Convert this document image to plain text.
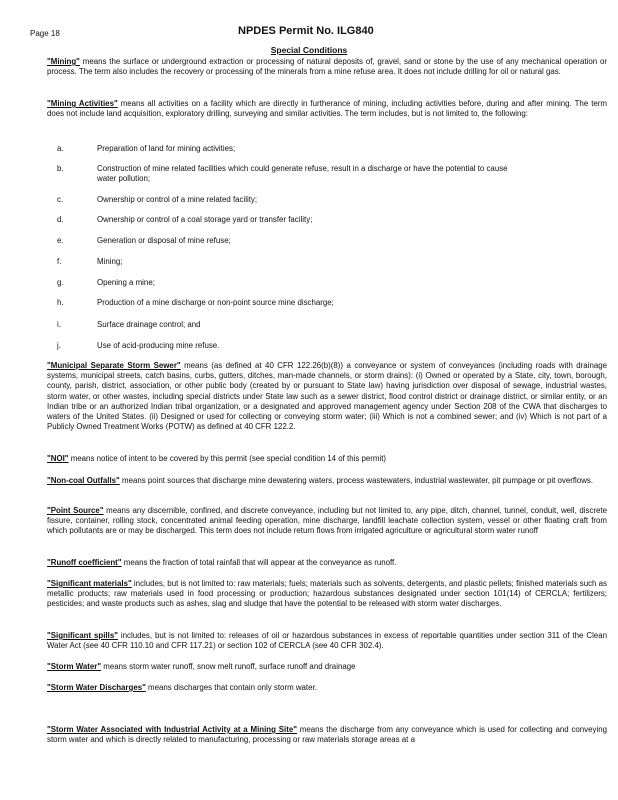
Page 18	NPDES Permit No. ILG840
Special Conditions

"Mining" means the surface or underground extraction or processing of natural deposits of, gravel, sand or stone by the use of any mechanical operation or process. The term also includes the recovery or processing of the minerals from a mine refuse area. It does not include drilling for oil or natural gas.

"Mining Activities" means all activities on a facility which are directly in furtherance of mining, including activities before, during and after mining. The term does not include land acquisition, exploratory drilling, surveying and similar activities. The term includes, but is not limited to, the following:

a.	Preparation of land for mining activities;
b.	Construction of mine related facilities which could generate refuse, result in a discharge or have the potential to cause water pollution;
c.	Ownership or control of a mine related facility;
d.	Ownership or control of a coal storage yard or transfer facility;
e.	Generation or disposal of mine refuse;
f.	Mining;
g.	Opening a mine;
h.	Production of a mine discharge or non-point source mine discharge;
i.	Surface drainage control; and
j.	Use of acid-producing mine refuse.

"Municipal Separate Storm Sewer" means (as defined at 40 CFR 122.26(b)(8)) a conveyance or system of conveyances (including roads with drainage systems, municipal streets, catch basins, curbs, gutters, ditches, man-made channels, or storm drains): (i) Owned or operated by a State, city, town, borough, county, parish, district, association, or other public body (created by or pursuant to State law) having jurisdiction over disposal of sewage, industrial wastes, storm water, or other wastes, including special districts under State law such as a sewer district, flood control district or drainage district, or similar entity, or an Indian tribe or an authorized Indian tribal organization, or a designated and approved management agency under Section 208 of the CWA that discharges to waters of the United States. (ii) Designed or used for collecting or conveying storm water; (iii) Which is not a combined sewer; and (iv) Which is not part of a Publicly Owned Treatment Works (POTW) as defined at 40 CFR 122.2.

"NOI" means notice of intent to be covered by this permit (see special condition 14 of this permit)

"Non-coal Outfalls" means point sources that discharge mine dewatering waters, process wastewaters, industrial wastewater, pit pumpage or pit overflows.

"Point Source" means any discernible, confined, and discrete conveyance, including but not limited to, any pipe, ditch, channel, tunnel, conduit, well, discrete fissure, container, rolling stock, concentrated animal feeding operation, mine discharge, landfill leachate collection system, vessel or other floating craft from which pollutants are or may be discharged. This term does not include return flows from irrigated agriculture or agricultural storm water runoff

"Runoff coefficient" means the fraction of total rainfall that will appear at the conveyance as runoff.

"Significant materials" includes, but is not limited to: raw materials; fuels; materials such as solvents, detergents, and plastic pellets; finished materials such as metallic products; raw materials used in food processing or production; hazardous substances designated under section 101(14) of CERCLA; fertilizers; pesticides; and waste products such as ashes, slag and sludge that have the potential to be released with storm water discharges.

"Significant spills" includes, but is not limited to: releases of oil or hazardous substances in excess of reportable quantities under section 311 of the Clean Water Act (see 40 CFR 110.10 and CFR 117.21) or section 102 of CERCLA (see 40 CFR 302.4).

"Storm Water" means storm water runoff, snow melt runoff, surface runoff and drainage

"Storm Water Discharges" means discharges that contain only storm water.

"Storm Water Associated with Industrial Activity at a Mining Site" means the discharge from any conveyance which is used for collecting and conveying storm water and which is directly related to manufacturing, processing or raw materials storage areas at a
